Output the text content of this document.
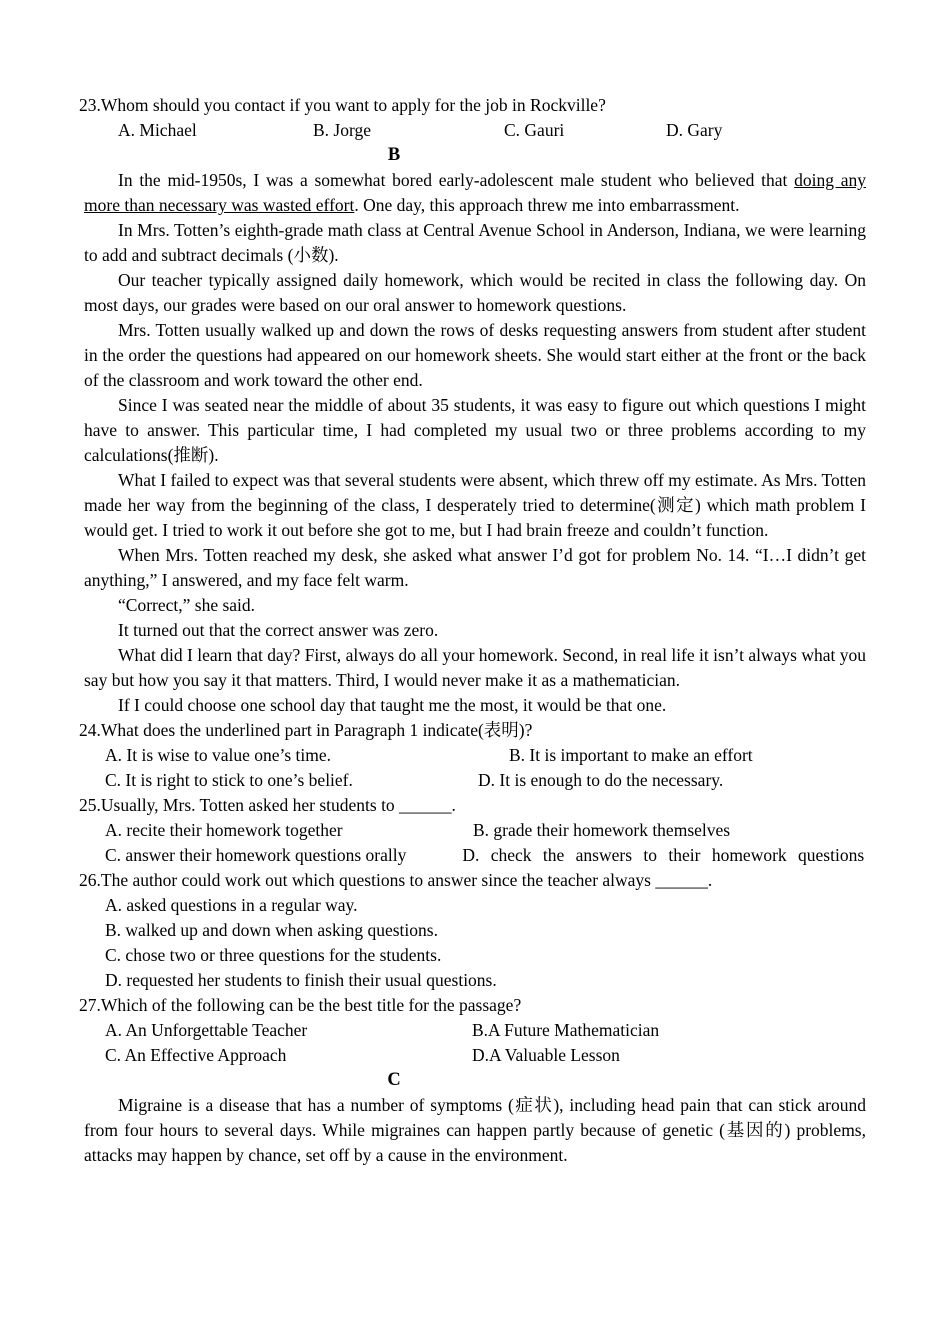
23.Whom should you contact if you want to apply for the job in Rockville?

A. Michael	B. Jorge	C. Gauri	D. Gary

B

In the mid-1950s, I was a somewhat bored early-adolescent male student who believed that doing any more than necessary was wasted effort. One day, this approach threw me into embarrassment.

In Mrs. Totten’s eighth-grade math class at Central Avenue School in Anderson, Indiana, we were learning to add and subtract decimals (小数).

Our teacher typically assigned daily homework, which would be recited in class the following day. On most days, our grades were based on our oral answer to homework questions.

Mrs. Totten usually walked up and down the rows of desks requesting answers from student after student in the order the questions had appeared on our homework sheets. She would start either at the front or the back of the classroom and work toward the other end.

Since I was seated near the middle of about 35 students, it was easy to figure out which questions I might have to answer. This particular time, I had completed my usual two or three problems according to my calculations(推断).

What I failed to expect was that several students were absent, which threw off my estimate. As Mrs. Totten made her way from the beginning of the class, I desperately tried to determine(测定) which math problem I would get. I tried to work it out before she got to me, but I had brain freeze and couldn’t function.

When Mrs. Totten reached my desk, she asked what answer I’d got for problem No. 14. “I…I didn’t get anything,” I answered, and my face felt warm.

“Correct,” she said.

It turned out that the correct answer was zero.

What did I learn that day? First, always do all your homework. Second, in real life it isn’t always what you say but how you say it that matters. Third, I would never make it as a mathematician.

If I could choose one school day that taught me the most, it would be that one.

24.What does the underlined part in Paragraph 1 indicate(表明)?

A. It is wise to value one’s time.	B. It is important to make an effort

C. It is right to stick to one’s belief.	D. It is enough to do the necessary.

25.Usually, Mrs. Totten asked her students to ______.

A. recite their homework together	B. grade their homework themselves

C. answer their homework questions orally	D. check the answers to their homework questions

26.The author could work out which questions to answer since the teacher always ______.

A. asked questions in a regular way.

B. walked up and down when asking questions.

C. chose two or three questions for the students.

D. requested her students to finish their usual questions.

27.Which of the following can be the best title for the passage?

A. An Unforgettable Teacher	B.A Future Mathematician

C. An Effective Approach	D.A Valuable Lesson

C

Migraine is a disease that has a number of symptoms (症状), including head pain that can stick around from four hours to several days. While migraines can happen partly because of genetic (基因的) problems, attacks may happen by chance, set off by a cause in the environment.
